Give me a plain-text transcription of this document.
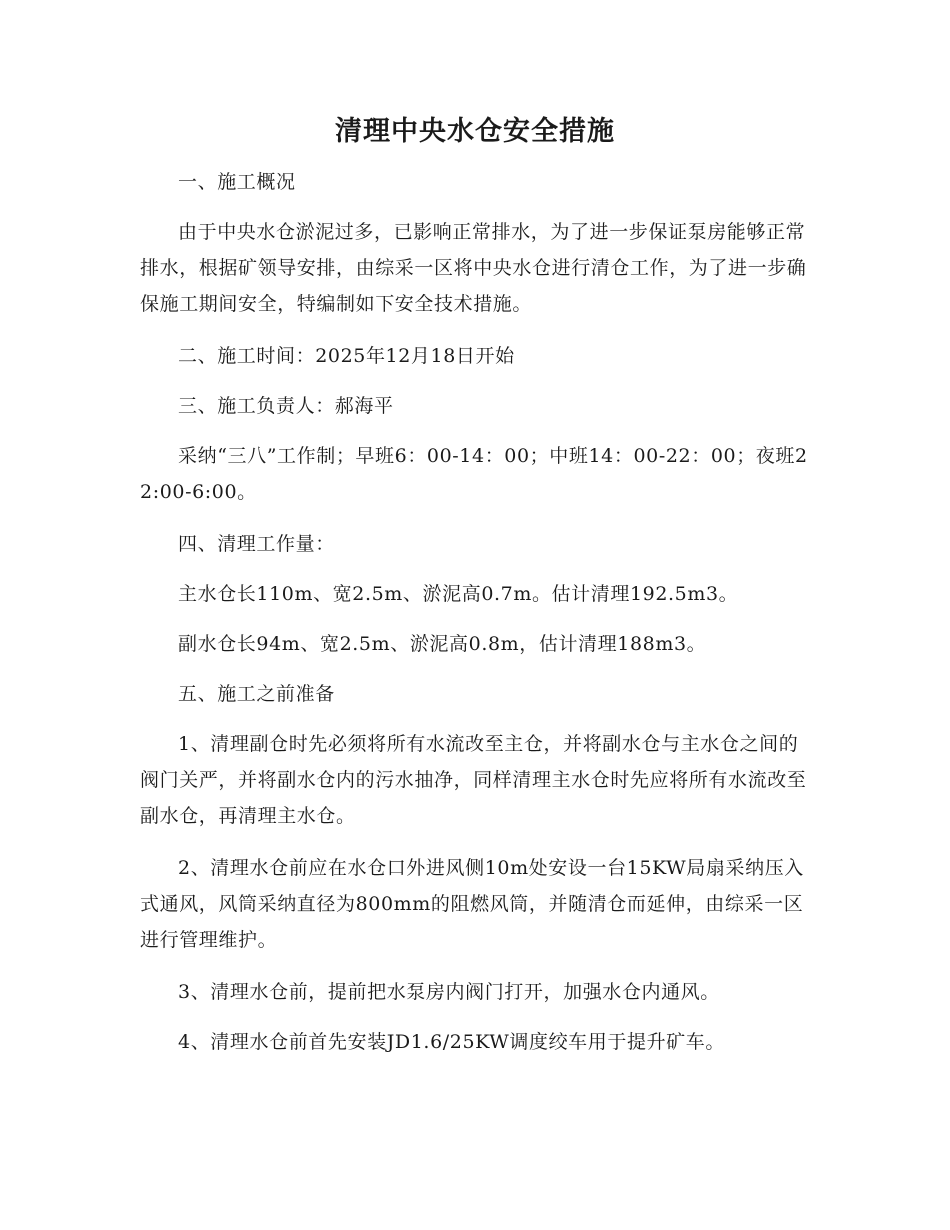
清理中央水仓安全措施

一、施工概况

由于中央水仓淤泥过多，已影响正常排水，为了进一步保证泵房能够正常排水，根据矿领导安排，由综采一区将中央水仓进行清仓工作，为了进一步确保施工期间安全，特编制如下安全技术措施。

二、施工时间：2025年12月18日开始

三、施工负责人：郝海平

采纳“三八”工作制；早班6：00-14：00；中班14：00-22：00；夜班22:00-6:00。

四、清理工作量：

主水仓长110m、宽2.5m、淤泥高0.7m。估计清理192.5m3。

副水仓长94m、宽2.5m、淤泥高0.8m，估计清理188m3。

五、施工之前准备

1、清理副仓时先必须将所有水流改至主仓，并将副水仓与主水仓之间的阀门关严，并将副水仓内的污水抽净，同样清理主水仓时先应将所有水流改至副水仓，再清理主水仓。

2、清理水仓前应在水仓口外进风侧10m处安设一台15KW局扇采纳压入式通风，风筒采纳直径为800mm的阻燃风筒，并随清仓而延伸，由综采一区进行管理维护。

3、清理水仓前，提前把水泵房内阀门打开，加强水仓内通风。

4、清理水仓前首先安装JD1.6/25KW调度绞车用于提升矿车。
